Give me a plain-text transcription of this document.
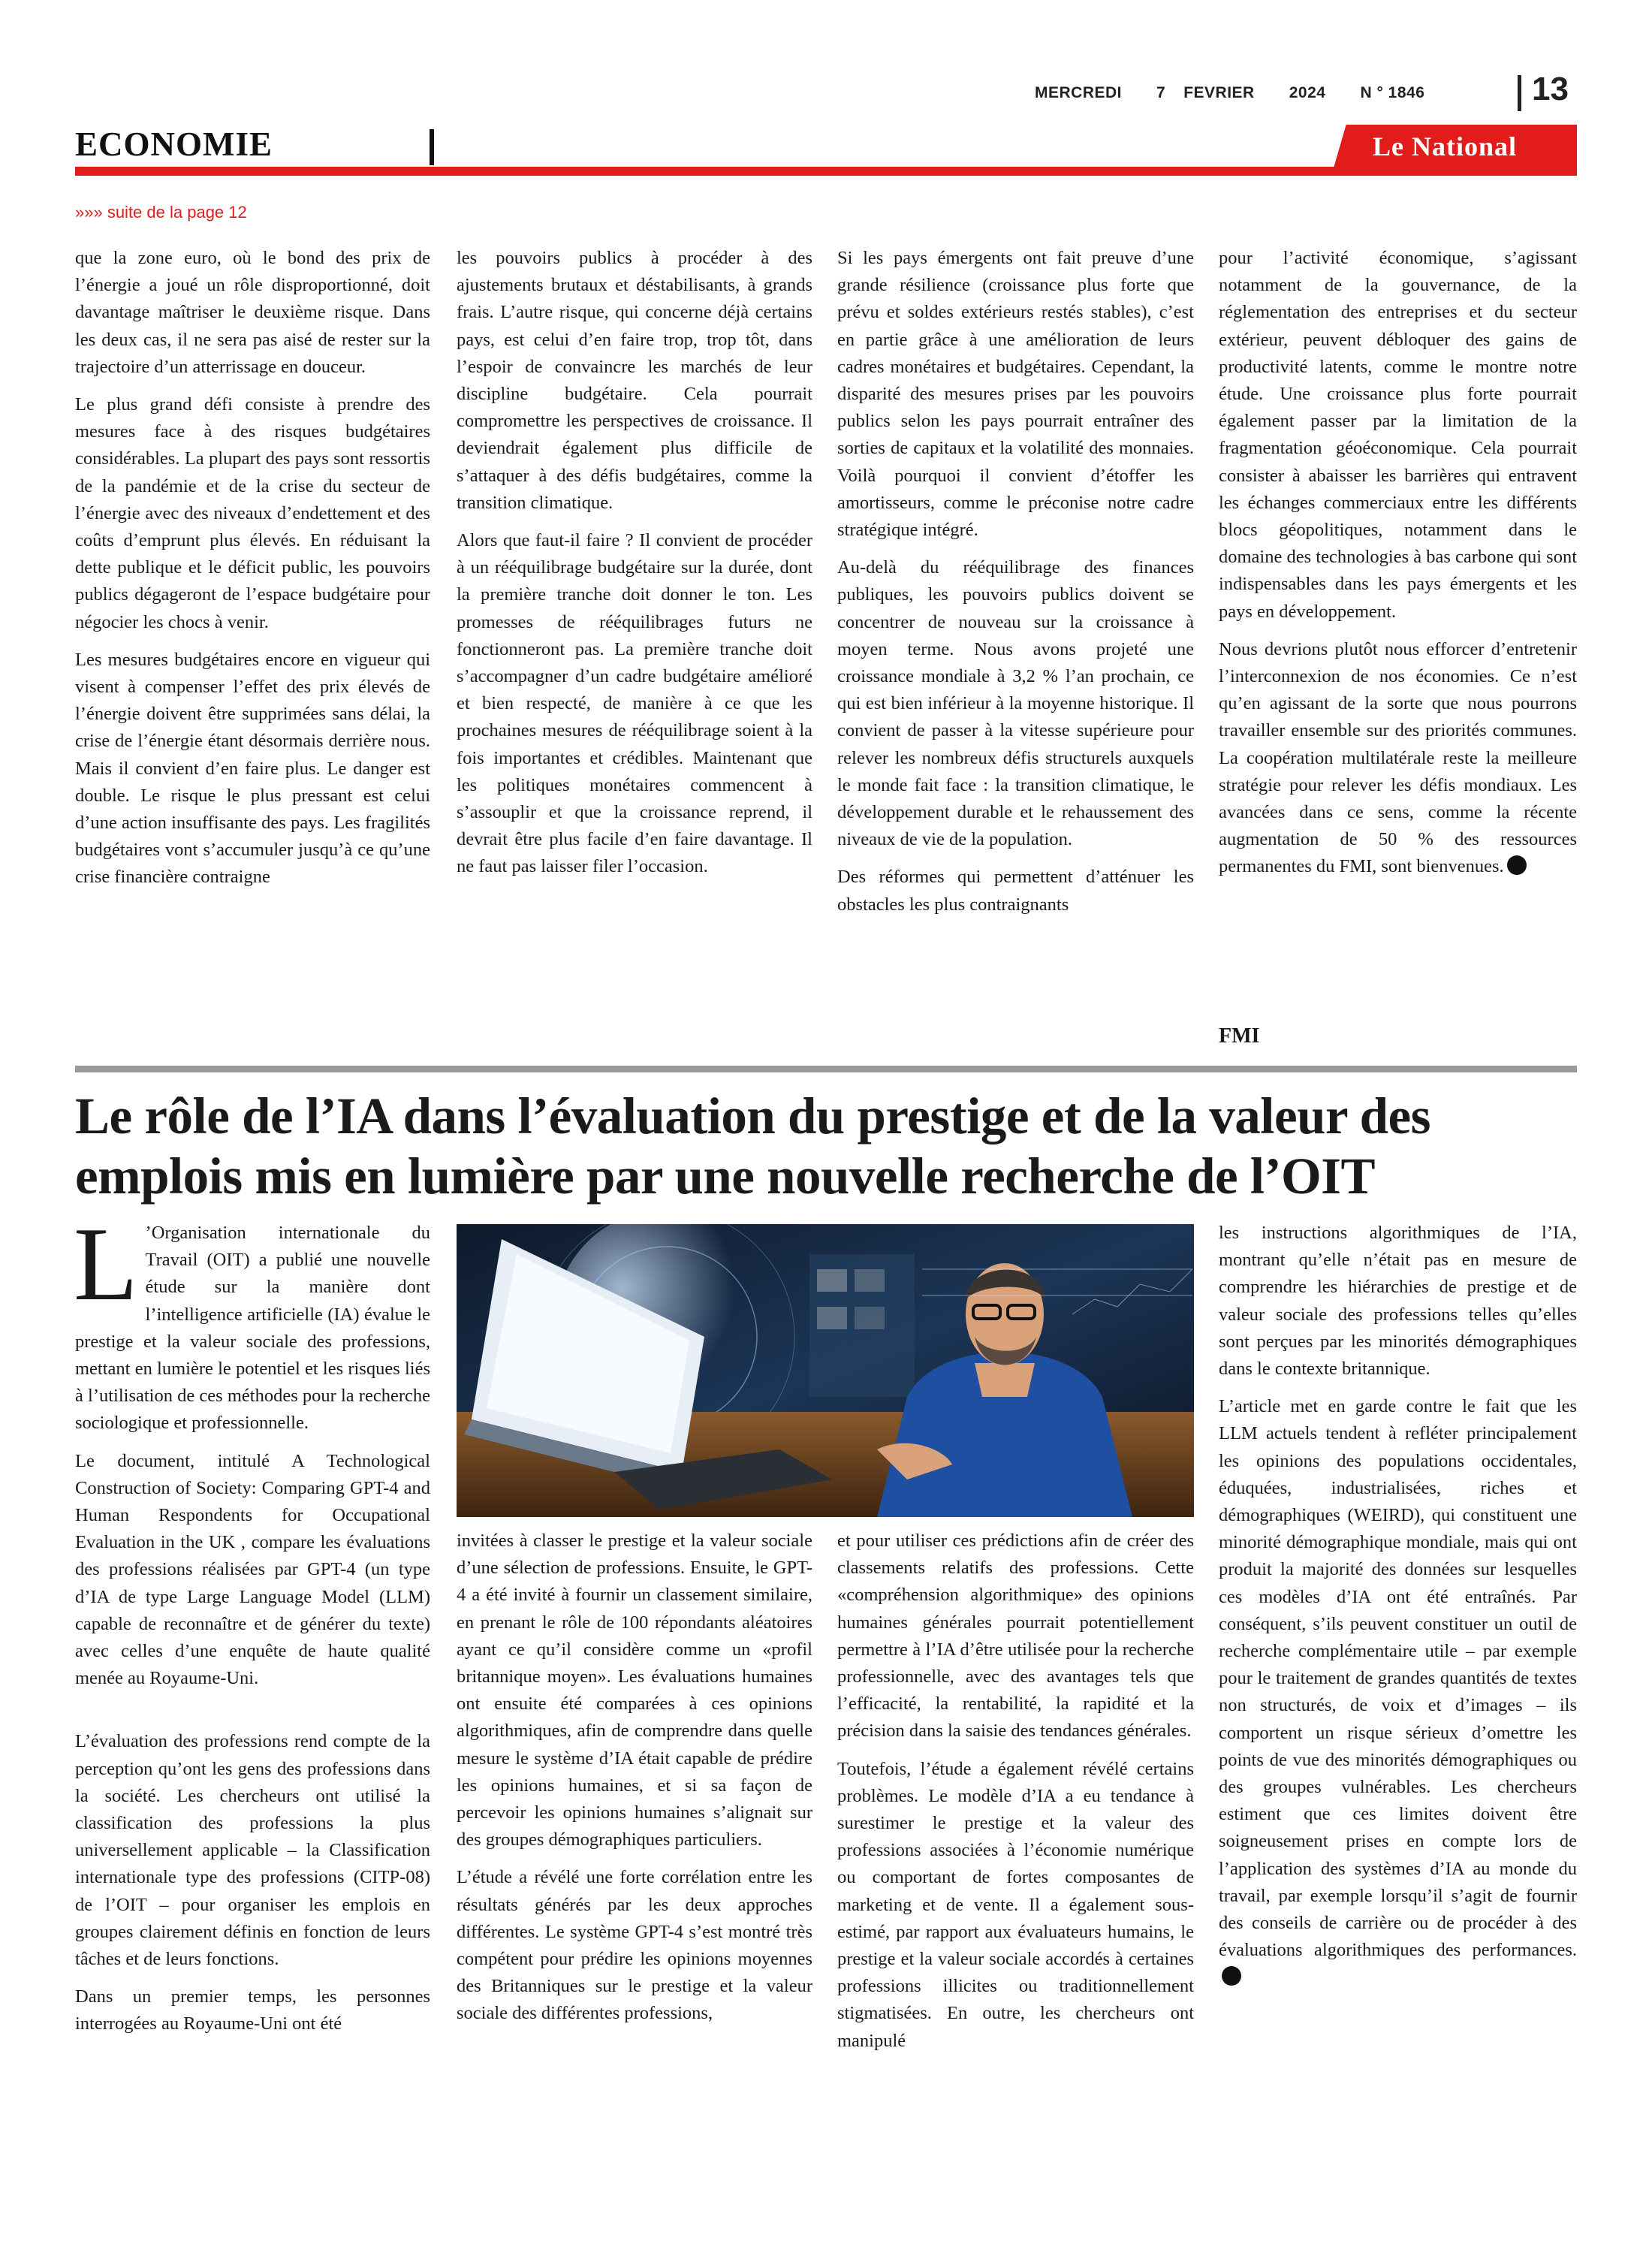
MERCREDI 7 FEVRIER 2024 N ° 1846	13
ECONOMIE	Le National
»»» suite de la page 12

que la zone euro, où le bond des prix de l’énergie a joué un rôle disproportionné, doit davantage maîtriser le deuxième risque. Dans les deux cas, il ne sera pas aisé de rester sur la trajectoire d’un atterrissage en douceur.

Le plus grand défi consiste à prendre des mesures face à des risques budgétaires considérables. La plupart des pays sont ressortis de la pandémie et de la crise du secteur de l’énergie avec des niveaux d’endettement et des coûts d’emprunt plus élevés. En réduisant la dette publique et le déficit public, les pouvoirs publics dégageront de l’espace budgétaire pour négocier les chocs à venir.

Les mesures budgétaires encore en vigueur qui visent à compenser l’effet des prix élevés de l’énergie doivent être supprimées sans délai, la crise de l’énergie étant désormais derrière nous. Mais il convient d’en faire plus. Le danger est double. Le risque le plus pressant est celui d’une action insuffisante des pays. Les fragilités budgétaires vont s’accumuler jusqu’à ce qu’une crise financière contraigne

les pouvoirs publics à procéder à des ajustements brutaux et déstabilisants, à grands frais. L’autre risque, qui concerne déjà certains pays, est celui d’en faire trop, trop tôt, dans l’espoir de convaincre les marchés de leur discipline budgétaire. Cela pourrait compromettre les perspectives de croissance. Il deviendrait également plus difficile de s’attaquer à des défis budgétaires, comme la transition climatique.

Alors que faut-il faire ? Il convient de procéder à un rééquilibrage budgétaire sur la durée, dont la première tranche doit donner le ton. Les promesses de rééquilibrages futurs ne fonctionneront pas. La première tranche doit s’accompagner d’un cadre budgétaire amélioré et bien respecté, de manière à ce que les prochaines mesures de rééquilibrage soient à la fois importantes et crédibles. Maintenant que les politiques monétaires commencent à s’assouplir et que la croissance reprend, il devrait être plus facile d’en faire davantage. Il ne faut pas laisser filer l’occasion.

Si les pays émergents ont fait preuve d’une grande résilience (croissance plus forte que prévu et soldes extérieurs restés stables), c’est en partie grâce à une amélioration de leurs cadres monétaires et budgétaires. Cependant, la disparité des mesures prises par les pouvoirs publics selon les pays pourrait entraîner des sorties de capitaux et la volatilité des monnaies. Voilà pourquoi il convient d’étoffer les amortisseurs, comme le préconise notre cadre stratégique intégré.

Au-delà du rééquilibrage des finances publiques, les pouvoirs publics doivent se concentrer de nouveau sur la croissance à moyen terme. Nous avons projeté une croissance mondiale à 3,2 % l’an prochain, ce qui est bien inférieur à la moyenne historique. Il convient de passer à la vitesse supérieure pour relever les nombreux défis structurels auxquels le monde fait face : la transition climatique, le développement durable et le rehaussement des niveaux de vie de la population.

Des réformes qui permettent d’atténuer les obstacles les plus contraignants

pour l’activité économique, s’agissant notamment de la gouvernance, de la réglementation des entreprises et du secteur extérieur, peuvent débloquer des gains de productivité latents, comme le montre notre étude. Une croissance plus forte pourrait également passer par la limitation de la fragmentation géoéconomique. Cela pourrait consister à abaisser les barrières qui entravent les échanges commerciaux entre les différents blocs géopolitiques, notamment dans le domaine des technologies à bas carbone qui sont indispensables dans les pays émergents et les pays en développement.

Nous devrions plutôt nous efforcer d’entretenir l’interconnexion de nos économies. Ce n’est qu’en agissant de la sorte que nous pourrons travailler ensemble sur des priorités communes. La coopération multilatérale reste la meilleure stratégie pour relever les défis mondiaux. Les avancées dans ce sens, comme la récente augmentation de 50 % des ressources permanentes du FMI, sont bienvenues.

FMI
Le rôle de l’IA dans l’évaluation du prestige et de la valeur des emplois mis en lumière par une nouvelle recherche de l’OIT

L ’Organisation internationale du Travail (OIT) a publié une nouvelle étude sur la manière dont l’intelligence artificielle (IA) évalue le prestige et la valeur sociale des professions, mettant en lumière le potentiel et les risques liés à l’utilisation de ces méthodes pour la recherche sociologique et professionnelle.

Le document, intitulé A Technological Construction of Society: Comparing GPT-4 and Human Respondents for Occupational Evaluation in the UK , compare les évaluations des professions réalisées par GPT-4 (un type d’IA de type Large Language Model (LLM) capable de reconnaître et de générer du texte) avec celles d’une enquête de haute qualité menée au Royaume-Uni.

L’évaluation des professions rend compte de la perception qu’ont les gens des professions dans la société. Les chercheurs ont utilisé la classification des professions la plus universellement applicable – la Classification internationale type des professions (CITP-08) de l’OIT – pour organiser les emplois en groupes clairement définis en fonction de leurs tâches et de leurs fonctions.

Dans un premier temps, les personnes interrogées au Royaume-Uni ont été

invitées à classer le prestige et la valeur sociale d’une sélection de professions. Ensuite, le GPT-4 a été invité à fournir un classement similaire, en prenant le rôle de 100 répondants aléatoires ayant ce qu’il considère comme un «profil britannique moyen». Les évaluations humaines ont ensuite été comparées à ces opinions algorithmiques, afin de comprendre dans quelle mesure le système d’IA était capable de prédire les opinions humaines, et si sa façon de percevoir les opinions humaines s’alignait sur des groupes démographiques particuliers.

L’étude a révélé une forte corrélation entre les résultats générés par les deux approches différentes. Le système GPT-4 s’est montré très compétent pour prédire les opinions moyennes des Britanniques sur le prestige et la valeur sociale des différentes professions,

et pour utiliser ces prédictions afin de créer des classements relatifs des professions. Cette «compréhension algorithmique» des opinions humaines générales pourrait potentiellement permettre à l’IA d’être utilisée pour la recherche professionnelle, avec des avantages tels que l’efficacité, la rentabilité, la rapidité et la précision dans la saisie des tendances générales.

Toutefois, l’étude a également révélé certains problèmes. Le modèle d’IA a eu tendance à surestimer le prestige et la valeur des professions associées à l’économie numérique ou comportant de fortes composantes de marketing et de vente. Il a également sous-estimé, par rapport aux évaluateurs humains, le prestige et la valeur sociale accordés à certaines professions illicites ou traditionnellement stigmatisées. En outre, les chercheurs ont manipulé

les instructions algorithmiques de l’IA, montrant qu’elle n’était pas en mesure de comprendre les hiérarchies de prestige et de valeur sociale des professions telles qu’elles sont perçues par les minorités démographiques dans le contexte britannique.

L’article met en garde contre le fait que les LLM actuels tendent à refléter principalement les opinions des populations occidentales, éduquées, industrialisées, riches et démographiques (WEIRD), qui constituent une minorité démographique mondiale, mais qui ont produit la majorité des données sur lesquelles ces modèles d’IA ont été entraînés. Par conséquent, s’ils peuvent constituer un outil de recherche complémentaire utile – par exemple pour le traitement de grandes quantités de textes non structurés, de voix et d’images – ils comportent un risque sérieux d’omettre les points de vue des minorités démographiques ou des groupes vulnérables. Les chercheurs estiment que ces limites doivent être soigneusement prises en compte lors de l’application des systèmes d’IA au monde du travail, par exemple lorsqu’il s’agit de fournir des conseils de carrière ou de procéder à des évaluations algorithmiques des performances.
